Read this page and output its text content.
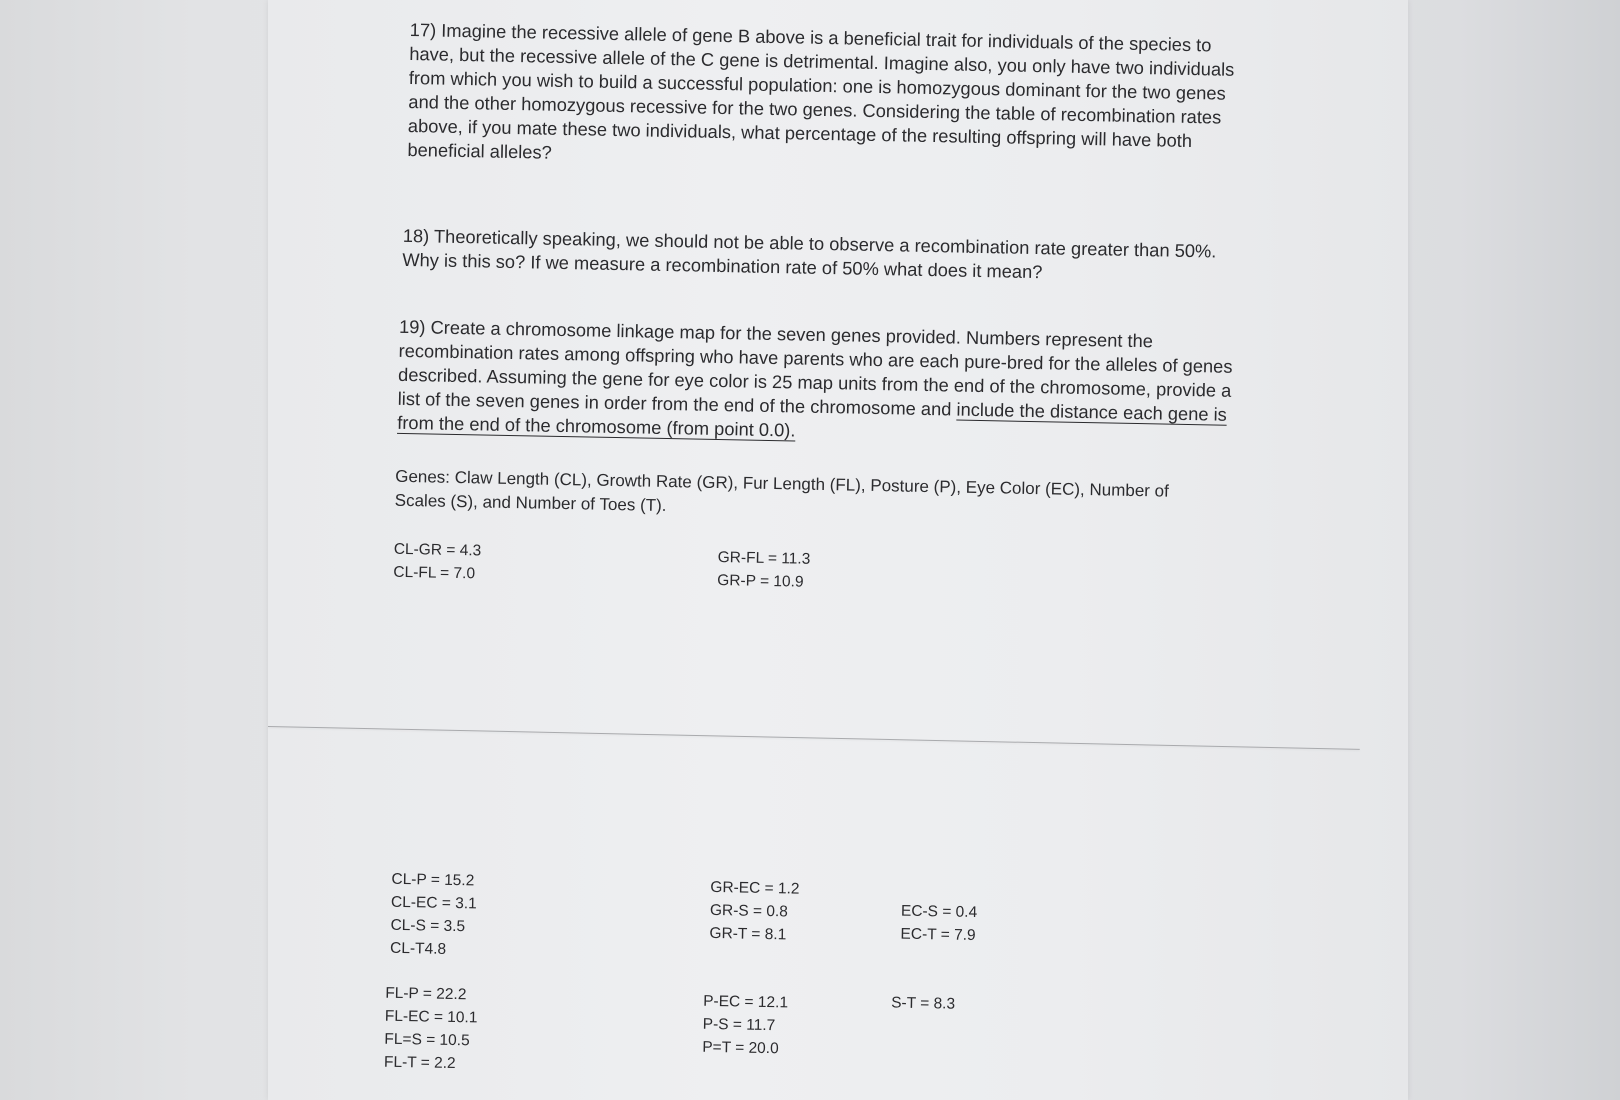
17) Imagine the recessive allele of gene B above is a beneficial trait for individuals of the species to have, but the recessive allele of the C gene is detrimental. Imagine also, you only have two individuals from which you wish to build a successful population: one is homozygous dominant for the two genes and the other homozygous recessive for the two genes. Considering the table of recombination rates above, if you mate these two individuals, what percentage of the resulting offspring will have both beneficial alleles?

18) Theoretically speaking, we should not be able to observe a recombination rate greater than 50%. Why is this so? If we measure a recombination rate of 50% what does it mean?

19) Create a chromosome linkage map for the seven genes provided. Numbers represent the recombination rates among offspring who have parents who are each pure-bred for the alleles of genes described. Assuming the gene for eye color is 25 map units from the end of the chromosome, provide a list of the seven genes in order from the end of the chromosome and include the distance each gene is from the end of the chromosome (from point 0.0).

Genes: Claw Length (CL), Growth Rate (GR), Fur Length (FL), Posture (P), Eye Color (EC), Number of Scales (S), and Number of Toes (T).

CL-GR = 4.3
CL-FL = 7.0
GR-FL = 11.3
GR-P = 10.9
CL-P = 15.2
CL-EC = 3.1
CL-S = 3.5
CL-T4.8
GR-EC = 1.2
GR-S = 0.8
GR-T = 8.1
EC-S = 0.4
EC-T = 7.9
FL-P = 22.2
FL-EC = 10.1
FL=S = 10.5
FL-T = 2.2
P-EC = 12.1
P-S = 11.7
P=T = 20.0
S-T = 8.3
